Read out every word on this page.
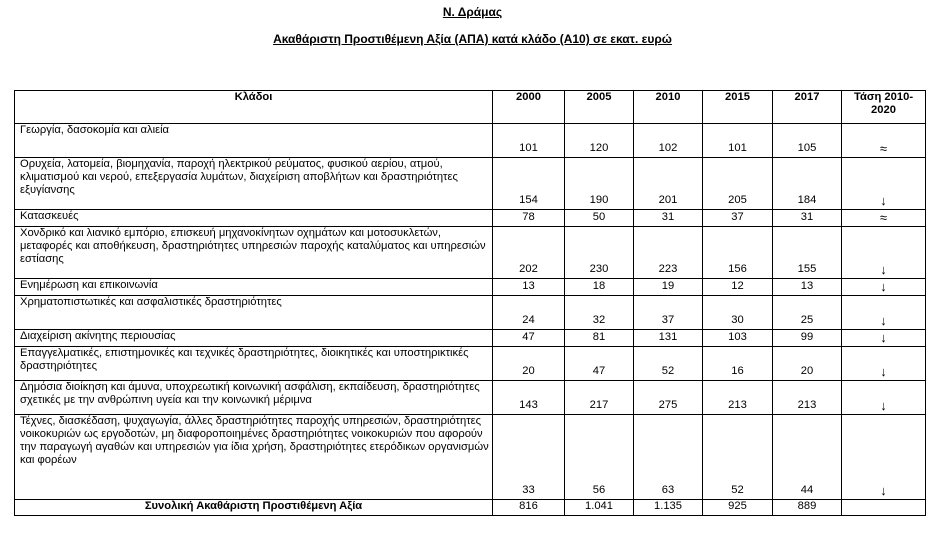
Ν. Δράμας
Ακαθάριστη Προστιθέμενη Αξία (ΑΠΑ) κατά κλάδο (Α10) σε εκατ. ευρώ
Κλάδοι	2000	2005	2010	2015	2017	Τάση 2010-2020
Γεωργία, δασοκομία και αλιεία	101	120	102	101	105	≈
Ορυχεία, λατομεία, βιομηχανία, παροχή ηλεκτρικού ρεύματος, φυσικού αερίου, ατμού, κλιματισμού και νερού, επεξεργασία λυμάτων, διαχείριση αποβλήτων και δραστηριότητες εξυγίανσης	154	190	201	205	184	↓
Κατασκευές	78	50	31	37	31	≈
Χονδρικό και λιανικό εμπόριο, επισκευή μηχανοκίνητων οχημάτων και μοτοσυκλετών, μεταφορές και αποθήκευση, δραστηριότητες υπηρεσιών παροχής καταλύματος και υπηρεσιών εστίασης	202	230	223	156	155	↓
Ενημέρωση και επικοινωνία	13	18	19	12	13	↓
Χρηματοπιστωτικές και ασφαλιστικές δραστηριότητες	24	32	37	30	25	↓
Διαχείριση ακίνητης περιουσίας	47	81	131	103	99	↓
Επαγγελματικές, επιστημονικές και τεχνικές δραστηριότητες, διοικητικές και υποστηρικτικές δραστηριότητες	20	47	52	16	20	↓
Δημόσια διοίκηση και άμυνα, υποχρεωτική κοινωνική ασφάλιση, εκπαίδευση, δραστηριότητες σχετικές με την ανθρώπινη υγεία και την κοινωνική μέριμνα	143	217	275	213	213	↓
Τέχνες, διασκέδαση, ψυχαγωγία, άλλες δραστηριότητες παροχής υπηρεσιών, δραστηριότητες νοικοκυριών ως εργοδοτών, μη διαφοροποιημένες δραστηριότητες νοικοκυριών που αφορούν την παραγωγή αγαθών και υπηρεσιών για ίδια χρήση, δραστηριότητες ετερόδικων οργανισμών και φορέων	33	56	63	52	44	↓
Συνολική Ακαθάριστη Προστιθέμενη Αξία	816	1.041	1.135	925	889	
